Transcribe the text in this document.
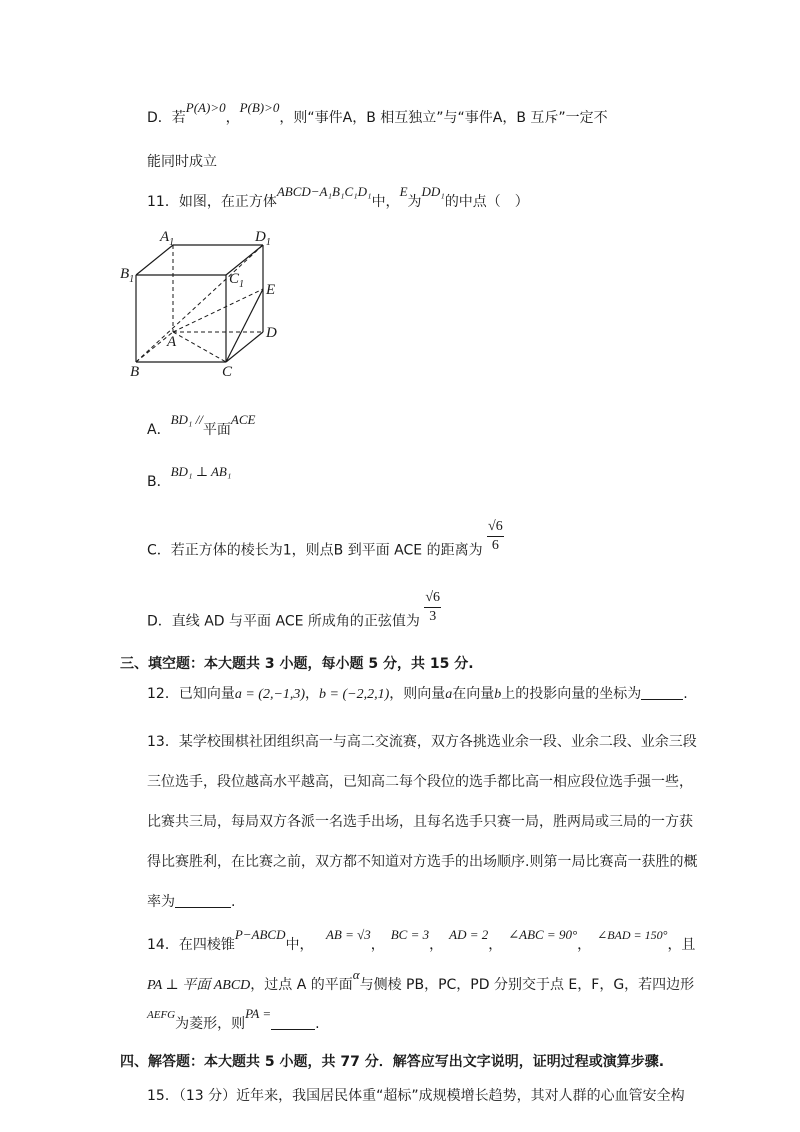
D．若P(A)>0，P(B)>0，则“事件A，B 相互独立”与“事件A，B 互斥”一定不
能同时成立
11．如图，在正方体ABCD−A₁B₁C₁D₁中，E为DD₁的中点（　）
$A_1$	$D_1$
$B_1$	$C_1$ E
D
A
B	C
A．BD₁ //平面ACE
B．BD₁ ⊥ AB₁
C．若正方体的棱长为1，则点B 到平面 ACE 的距离为 $\frac{√6}{6}$
D．直线 AD 与平面 ACE 所成角的正弦值为 $\frac{√6}{3}$
三、填空题：本大题共 3 小题，每小题 5 分，共 15 分.
12．已知向量a = (2,−1,3)，b = (−2,2,1)，则向量a在向量b上的投影向量的坐标为	.
13．某学校围棋社团组织高一与高二交流赛，双方各挑选业余一段、业余二段、业余三段
三位选手，段位越高水平越高，已知高二每个段位的选手都比高一相应段位选手强一些，
比赛共三局，每局双方各派一名选手出场，且每名选手只赛一局，胜两局或三局的一方获
得比赛胜利，在比赛之前，双方都不知道对方选手的出场顺序.则第一局比赛高一获胜的概
率为	.
14．在四棱锥P−ABCD中， AB = √3，BC = 3，AD = 2，∠ABC = 90°，∠BAD = 150°，且
PA ⊥ 平面 ABCD，过点 A 的平面α与侧棱 PB，PC，PD 分别交于点 E，F，G，若四边形
$^{AEFG}$为菱形，则PA =.
四、解答题：本大题共 5 小题，共 77 分．解答应写出文字说明，证明过程或演算步骤.
15．（13 分）近年来，我国居民体重“超标”成规模增长趋势，其对人群的心血管安全构
